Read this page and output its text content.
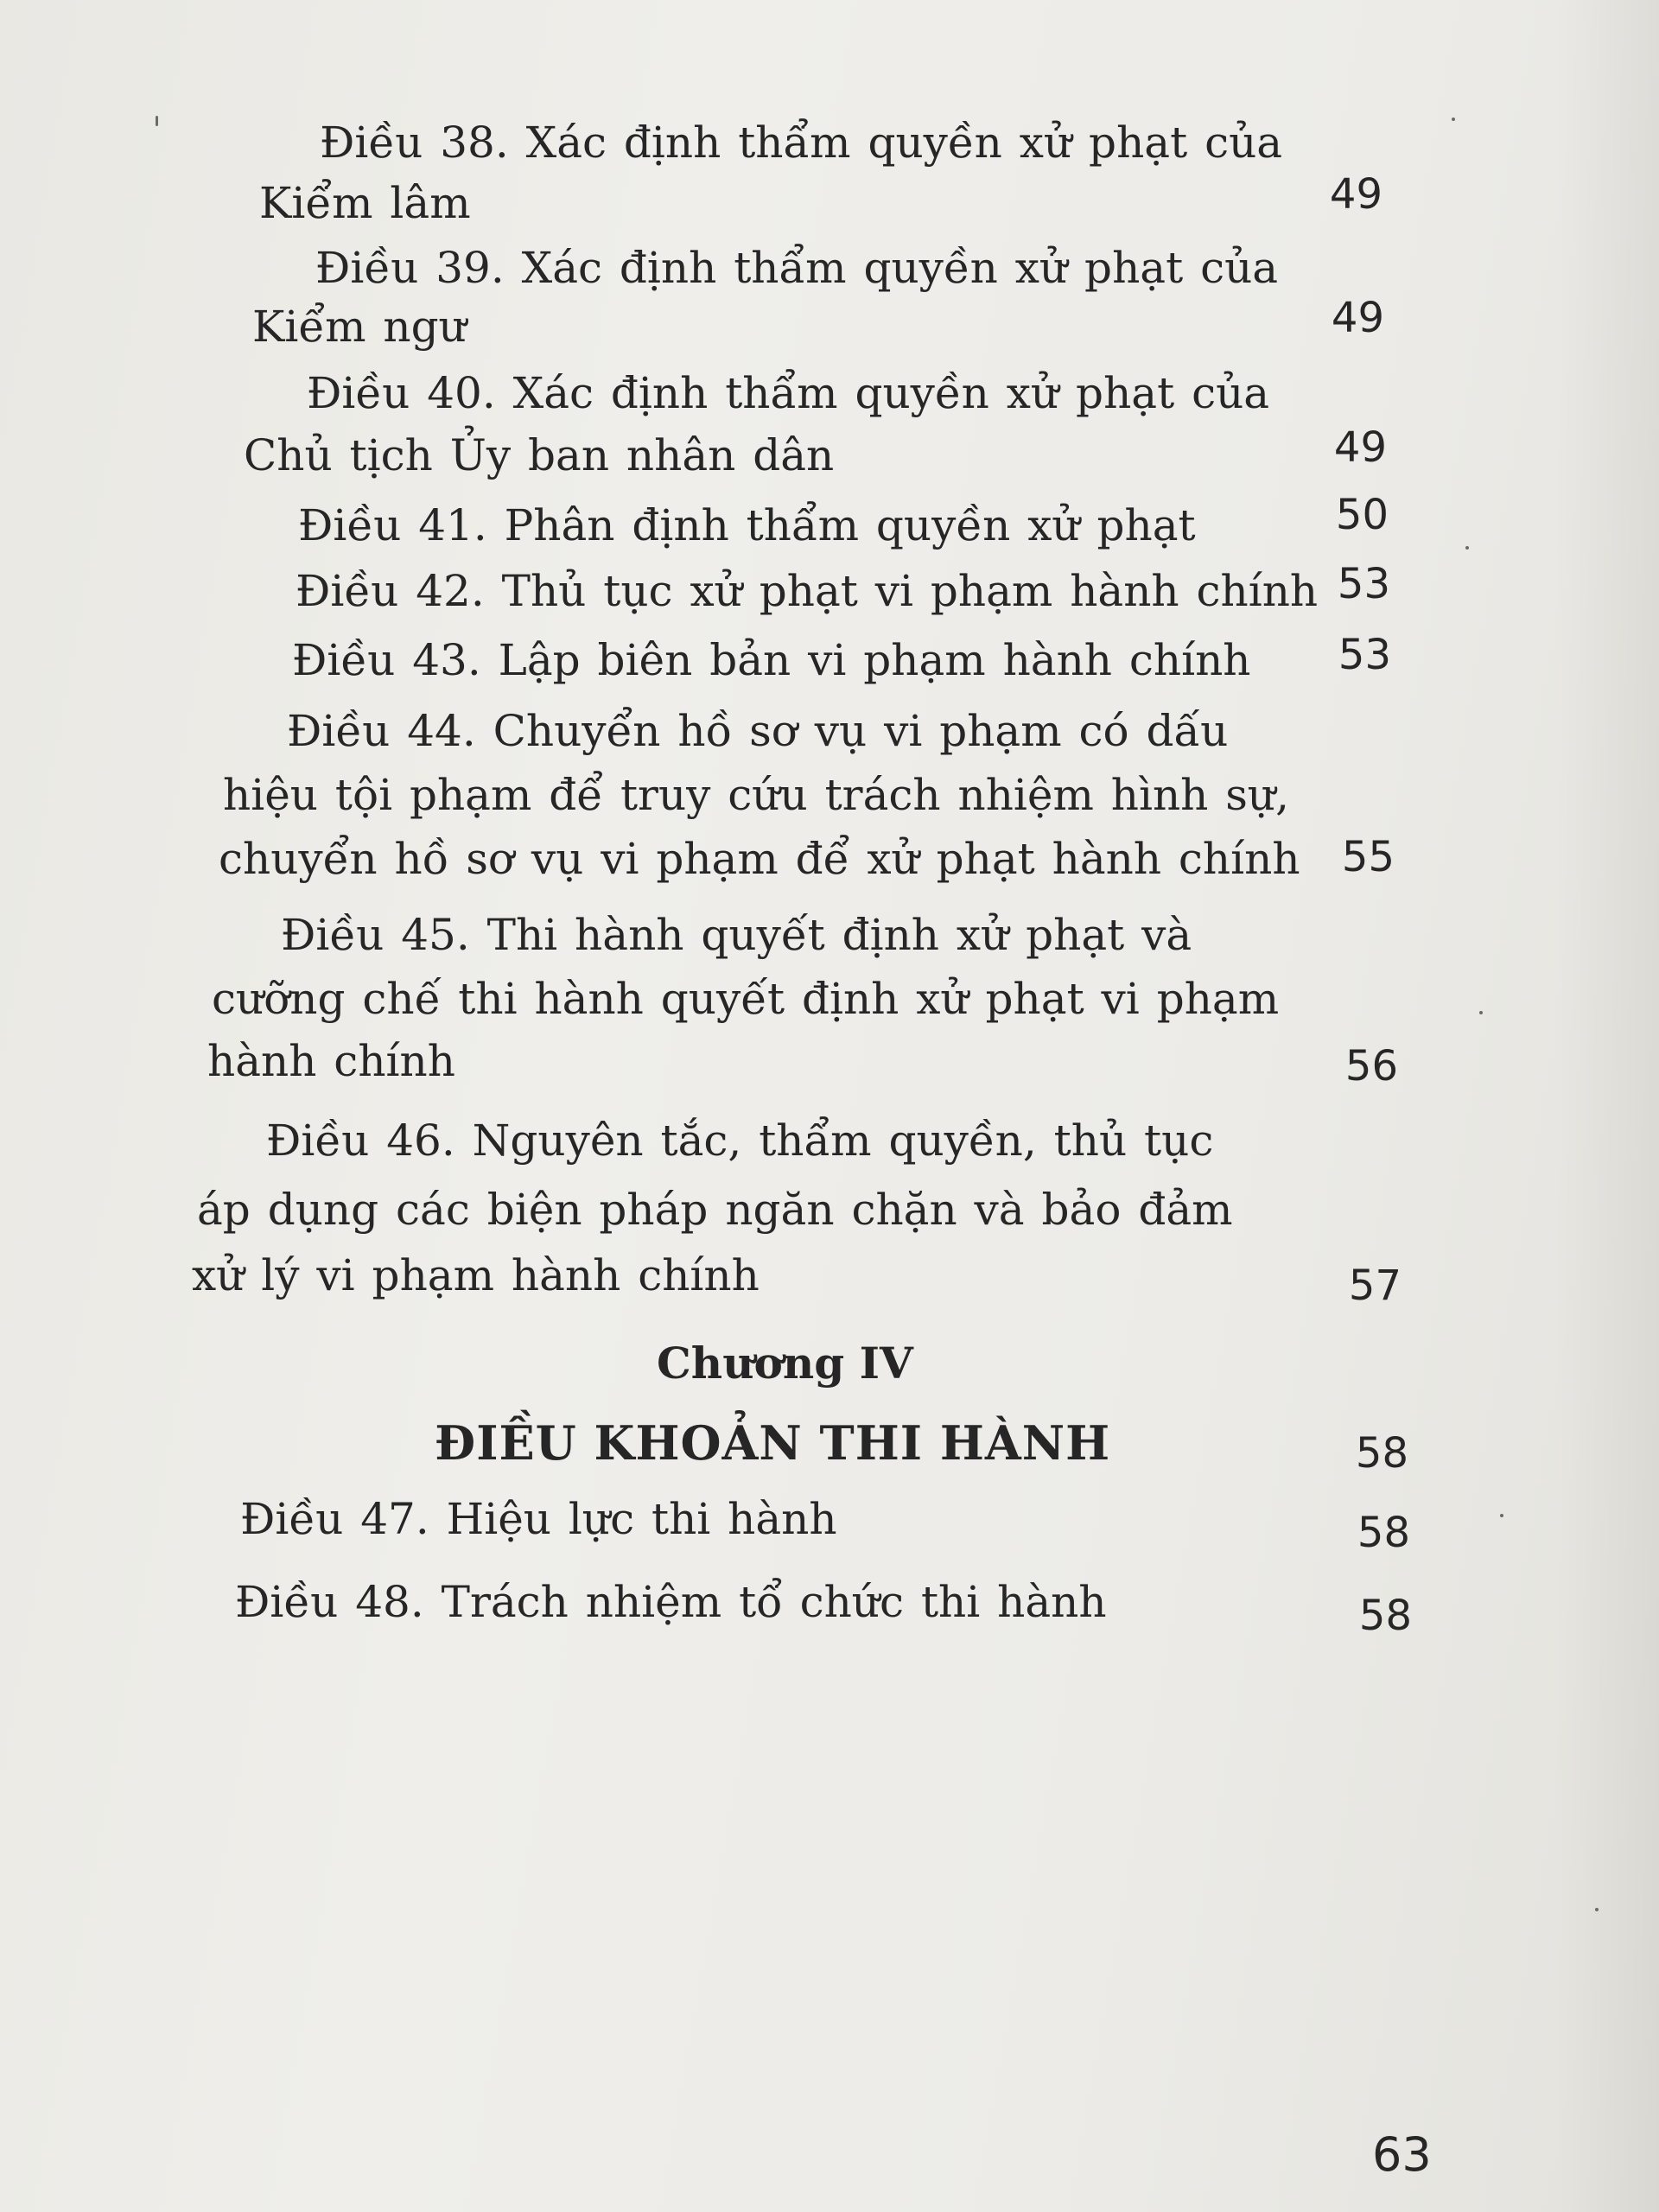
Điều 38. Xác định thẩm quyền xử phạt của
Kiểm lâm	49
Điều 39. Xác định thẩm quyền xử phạt của
Kiểm ngư	49
Điều 40. Xác định thẩm quyền xử phạt của
Chủ tịch Ủy ban nhân dân	49
Điều 41. Phân định thẩm quyền xử phạt	50
Điều 42. Thủ tục xử phạt vi phạm hành chính 53
Điều 43. Lập biên bản vi phạm hành chính	53
Điều 44. Chuyển hồ sơ vụ vi phạm có dấu
hiệu tội phạm để truy cứu trách nhiệm hình sự,
chuyển hồ sơ vụ vi phạm để xử phạt hành chính	55
Điều 45. Thi hành quyết định xử phạt và
cưỡng chế thi hành quyết định xử phạt vi phạm
hành chính	56
Điều 46. Nguyên tắc, thẩm quyền, thủ tục
áp dụng các biện pháp ngăn chặn và bảo đảm
xử lý vi phạm hành chính	57
Chương IV
ĐIỀU KHOẢN THI HÀNH	58
Điều 47. Hiệu lực thi hành	58
Điều 48. Trách nhiệm tổ chức thi hành	58
63
